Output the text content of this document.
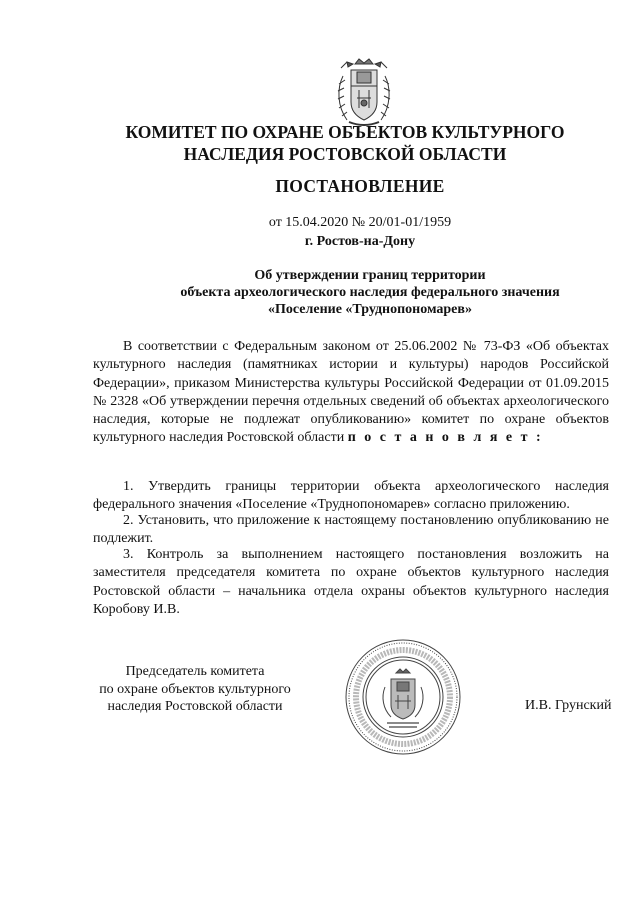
КОМИТЕТ ПО ОХРАНЕ ОБЪЕКТОВ КУЛЬТУРНОГО
НАСЛЕДИЯ РОСТОВСКОЙ ОБЛАСТИ
ПОСТАНОВЛЕНИЕ
от 15.04.2020 № 20/01-01/1959
г. Ростов-на-Дону
Об утверждении границ территории
объекта археологического наследия федерального значения
«Поселение «Труднопономарев»
В соответствии с Федеральным законом от 25.06.2002 № 73-ФЗ «Об объектах культурного наследия (памятниках истории и культуры) народов Российской Федерации», приказом Министерства культуры Российской Федерации от 01.09.2015 № 2328 «Об утверждении перечня отдельных сведений об объектах археологического наследия, которые не подлежат опубликованию» комитет по охране объектов культурного наследия Ростовской области п о с т а н о в л я е т :
1. Утвердить границы территории объекта археологического наследия федерального значения «Поселение «Труднопономарев» согласно приложению.
2. Установить, что приложение к настоящему постановлению опубликованию не подлежит.
3. Контроль за выполнением настоящего постановления возложить на заместителя председателя комитета по охране объектов культурного наследия Ростовской области – начальника отдела охраны объектов культурного наследия Коробову И.В.
Председатель комитета
по охране объектов культурного
наследия Ростовской области	И.В. Грунский
